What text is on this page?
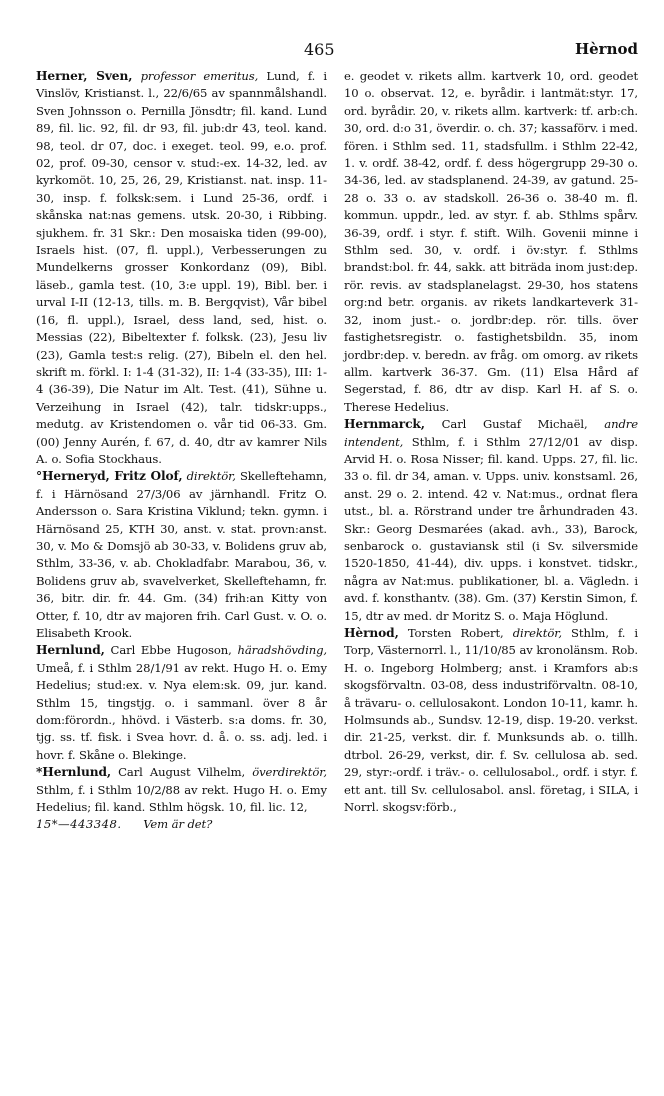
465	Hèrnod

Herner, Sven, professor emeritus, Lund, f. i Vinslöv, Kristianst. l., 22/6/65 av spannmålshandl. Sven Johnsson o. Pernilla Jönsdtr; fil. kand. Lund 89, fil. lic. 92, fil. dr 93, fil. jub:dr 43, teol. kand. 98, teol. dr 07, doc. i exeget. teol. 99, e.o. prof. 02, prof. 09-30, censor v. stud:-ex. 14-32, led. av kyrkomöt. 10, 25, 26, 29, Kristianst. nat. insp. 11-30, insp. f. folksk:sem. i Lund 25-36, ordf. i skånska nat:nas gemens. utsk. 20-30, i Ribbing. sjukhem. fr. 31 Skr.: Den mosaiska tiden (99-00), Israels hist. (07, fl. uppl.), Verbesserungen zu Mundelkerns grosser Konkordanz (09), Bibl. läseb., gamla test. (10, 3:e uppl. 19), Bibl. ber. i urval I-II (12-13, tills. m. B. Bergqvist), Vår bibel (16, fl. uppl.), Israel, dess land, sed, hist. o. Messias (22), Bibeltexter f. folksk. (23), Jesu liv (23), Gamla test:s relig. (27), Bibeln el. den hel. skrift m. förkl. I: 1-4 (31-32), II: 1-4 (33-35), III: 1-4 (36-39), Die Natur im Alt. Test. (41), Sühne u. Verzeihung in Israel (42), talr. tidskr:upps., medutg. av Kristendomen o. vår tid 06-33. Gm. (00) Jenny Aurén, f. 67, d. 40, dtr av kamrer Nils A. o. Sofia Stockhaus.

°Herneryd, Fritz Olof, direktör, Skelleftehamn, f. i Härnösand 27/3/06 av järnhandl. Fritz O. Andersson o. Sara Kristina Viklund; tekn. gymn. i Härnösand 25, KTH 30, anst. v. stat. provn:anst. 30, v. Mo & Domsjö ab 30-33, v. Bolidens gruv ab, Sthlm, 33-36, v. ab. Chokladfabr. Marabou, 36, v. Bolidens gruv ab, svavelverket, Skelleftehamn, fr. 36, bitr. dir. fr. 44. Gm. (34) frih:an Kitty von Otter, f. 10, dtr av majoren frih. Carl Gust. v. O. o. Elisabeth Krook.

Hernlund, Carl Ebbe Hugoson, häradshövding, Umeå, f. i Sthlm 28/1/91 av rekt. Hugo H. o. Emy Hedelius; stud:ex. v. Nya elem:sk. 09, jur. kand. Sthlm 15, tingstjg. o. i sammanl. över 8 år dom:förordn., hhövd. i Västerb. s:a doms. fr. 30, tjg. ss. tf. fisk. i Svea hovr. d. å. o. ss. adj. led. i hovr. f. Skåne o. Blekinge.

*Hernlund, Carl August Vilhelm, överdirektör, Sthlm, f. i Sthlm 10/2/88 av rekt. Hugo H. o. Emy Hedelius; fil. kand. Sthlm högsk. 10, fil. lic. 12,

15*—443348. Vem är det?

e. geodet v. rikets allm. kartverk 10, ord. geodet 10 o. observat. 12, e. byrådir. i lantmät:styr. 17, ord. byrådir. 20, v. rikets allm. kartverk: tf. arb:ch. 30, ord. d:o 31, överdir. o. ch. 37; kassaförv. i med. fören. i Sthlm sed. 11, stadsfullm. i Sthlm 22-42, 1. v. ordf. 38-42, ordf. f. dess högergrupp 29-30 o. 34-36, led. av stadsplanend. 24-39, av gatund. 25-28 o. 33 o. av stadskoll. 26-36 o. 38-40 m. fl. kommun. uppdr., led. av styr. f. ab. Sthlms spårv. 36-39, ordf. i styr. f. stift. Wilh. Govenii minne i Sthlm sed. 30, v. ordf. i öv:styr. f. Sthlms brandst:bol. fr. 44, sakk. att biträda inom just:dep. rör. revis. av stadsplanelagst. 29-30, hos statens org:nd betr. organis. av rikets landkarteverk 31-32, inom just.- o. jordbr:dep. rör. tills. över fastighetsregistr. o. fastighetsbildn. 35, inom jordbr:dep. v. beredn. av fråg. om omorg. av rikets allm. kartverk 36-37. Gm. (11) Elsa Hård af Segerstad, f. 86, dtr av disp. Karl H. af S. o. Therese Hedelius.

Hernmarck, Carl Gustaf Michaël, andre intendent, Sthlm, f. i Sthlm 27/12/01 av disp. Arvid H. o. Rosa Nisser; fil. kand. Upps. 27, fil. lic. 33 o. fil. dr 34, aman. v. Upps. univ. konstsaml. 26, anst. 29 o. 2. intend. 42 v. Nat:mus., ordnat flera utst., bl. a. Rörstrand under tre århundraden 43. Skr.: Georg Desmarées (akad. avh., 33), Barock, senbarock o. gustaviansk stil (i Sv. silversmide 1520-1850, 41-44), div. upps. i konstvet. tidskr., några av Nat:mus. publikationer, bl. a. Vägledn. i avd. f. konsthantv. (38). Gm. (37) Kerstin Simon, f. 15, dtr av med. dr Moritz S. o. Maja Höglund.

Hèrnod, Torsten Robert, direktör, Sthlm, f. i Torp, Västernorrl. l., 11/10/85 av kronolänsm. Rob. H. o. Ingeborg Holmberg; anst. i Kramfors ab:s skogsförvaltn. 03-08, dess industriförvaltn. 08-10, å trävaru- o. cellulosakont. London 10-11, kamr. h. Holmsunds ab., Sundsv. 12-19, disp. 19-20. verkst. dir. 21-25, verkst. dir. f. Munksunds ab. o. tillh. dtrbol. 26-29, verkst, dir. f. Sv. cellulosa ab. sed. 29, styr:-ordf. i träv.- o. cellulosabol., ordf. i styr. f. ett ant. till Sv. cellulosabol. ansl. företag, i SILA, i Norrl. skogsv:förb.,
